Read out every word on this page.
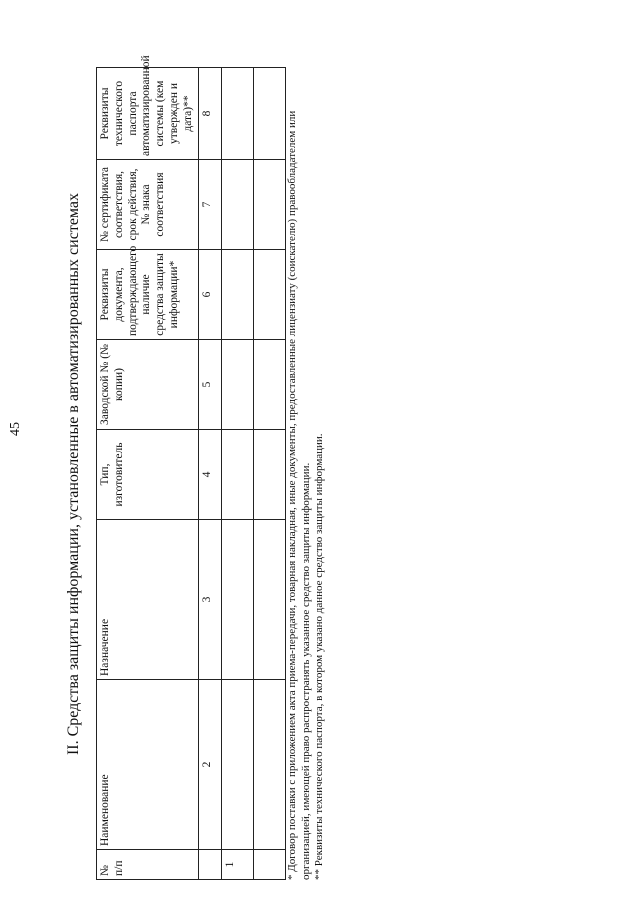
45	II. Средства защиты информации, установленные в автоматизированных системах
№ п/п	Наименование	Назначение	Тип, изготовитель	Заводской № (№ копии)	Реквизиты документа, подтверждающего наличие средства защиты информации*	№ сертификата соответствия, срок действия, № знака соответствия	Реквизиты технического паспорта автоматизированной системы (кем утвержден и дата)**
	2	3	4	5	6	7	8
1							
								* Договор поставки с приложением акта приема-передачи, товарная накладная, иные документы, предоставленные лицензиату (соискателю) правообладателем или организацией, имеющей право распространять указанное средство защиты информации. ** Реквизиты технического паспорта, в котором указано данное средство защиты информации.
